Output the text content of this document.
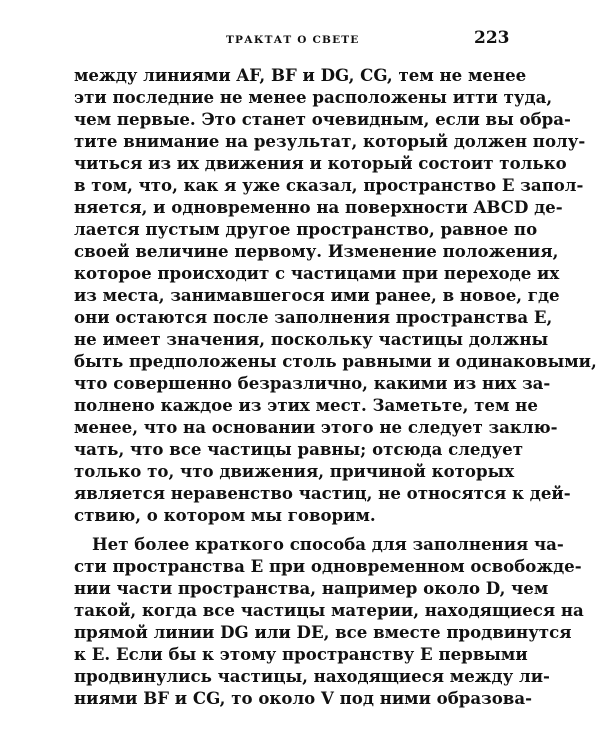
ТРАКТАТ О СВЕТЕ	223
между линиями AF, BF и DG, CG, тем не менее
эти последние не менее расположены итти туда,
чем первые. Это станет очевидным, если вы обра-
тите внимание на результат, который должен полу-
читься из их движения и который состоит только
в том, что, как я уже сказал, пространство E запол-
няется, и одновременно на поверхности ABCD де-
лается пустым другое пространство, равное по
своей величине первому. Изменение положения,
которое происходит с частицами при переходе их
из места, занимавшегося ими ранее, в новое, где
они остаются после заполнения пространства E,
не имеет значения, поскольку частицы должны
быть предположены столь равными и одинаковыми,
что совершенно безразлично, какими из них за-
полнено каждое из этих мест. Заметьте, тем не
менее, что на основании этого не следует заклю-
чать, что все частицы равны; отсюда следует
только то, что движения, причиной которых
является неравенство частиц, не относятся к дей-
ствию, о котором мы говорим.
Нет более краткого способа для заполнения ча-
сти пространства E при одновременном освобожде-
нии части пространства, например около D, чем
такой, когда все частицы материи, находящиеся на
прямой линии DG или DE, все вместе продвинутся
к E. Если бы к этому пространству E первыми
продвинулись частицы, находящиеся между ли-
ниями BF и CG, то около V под ними образова-
